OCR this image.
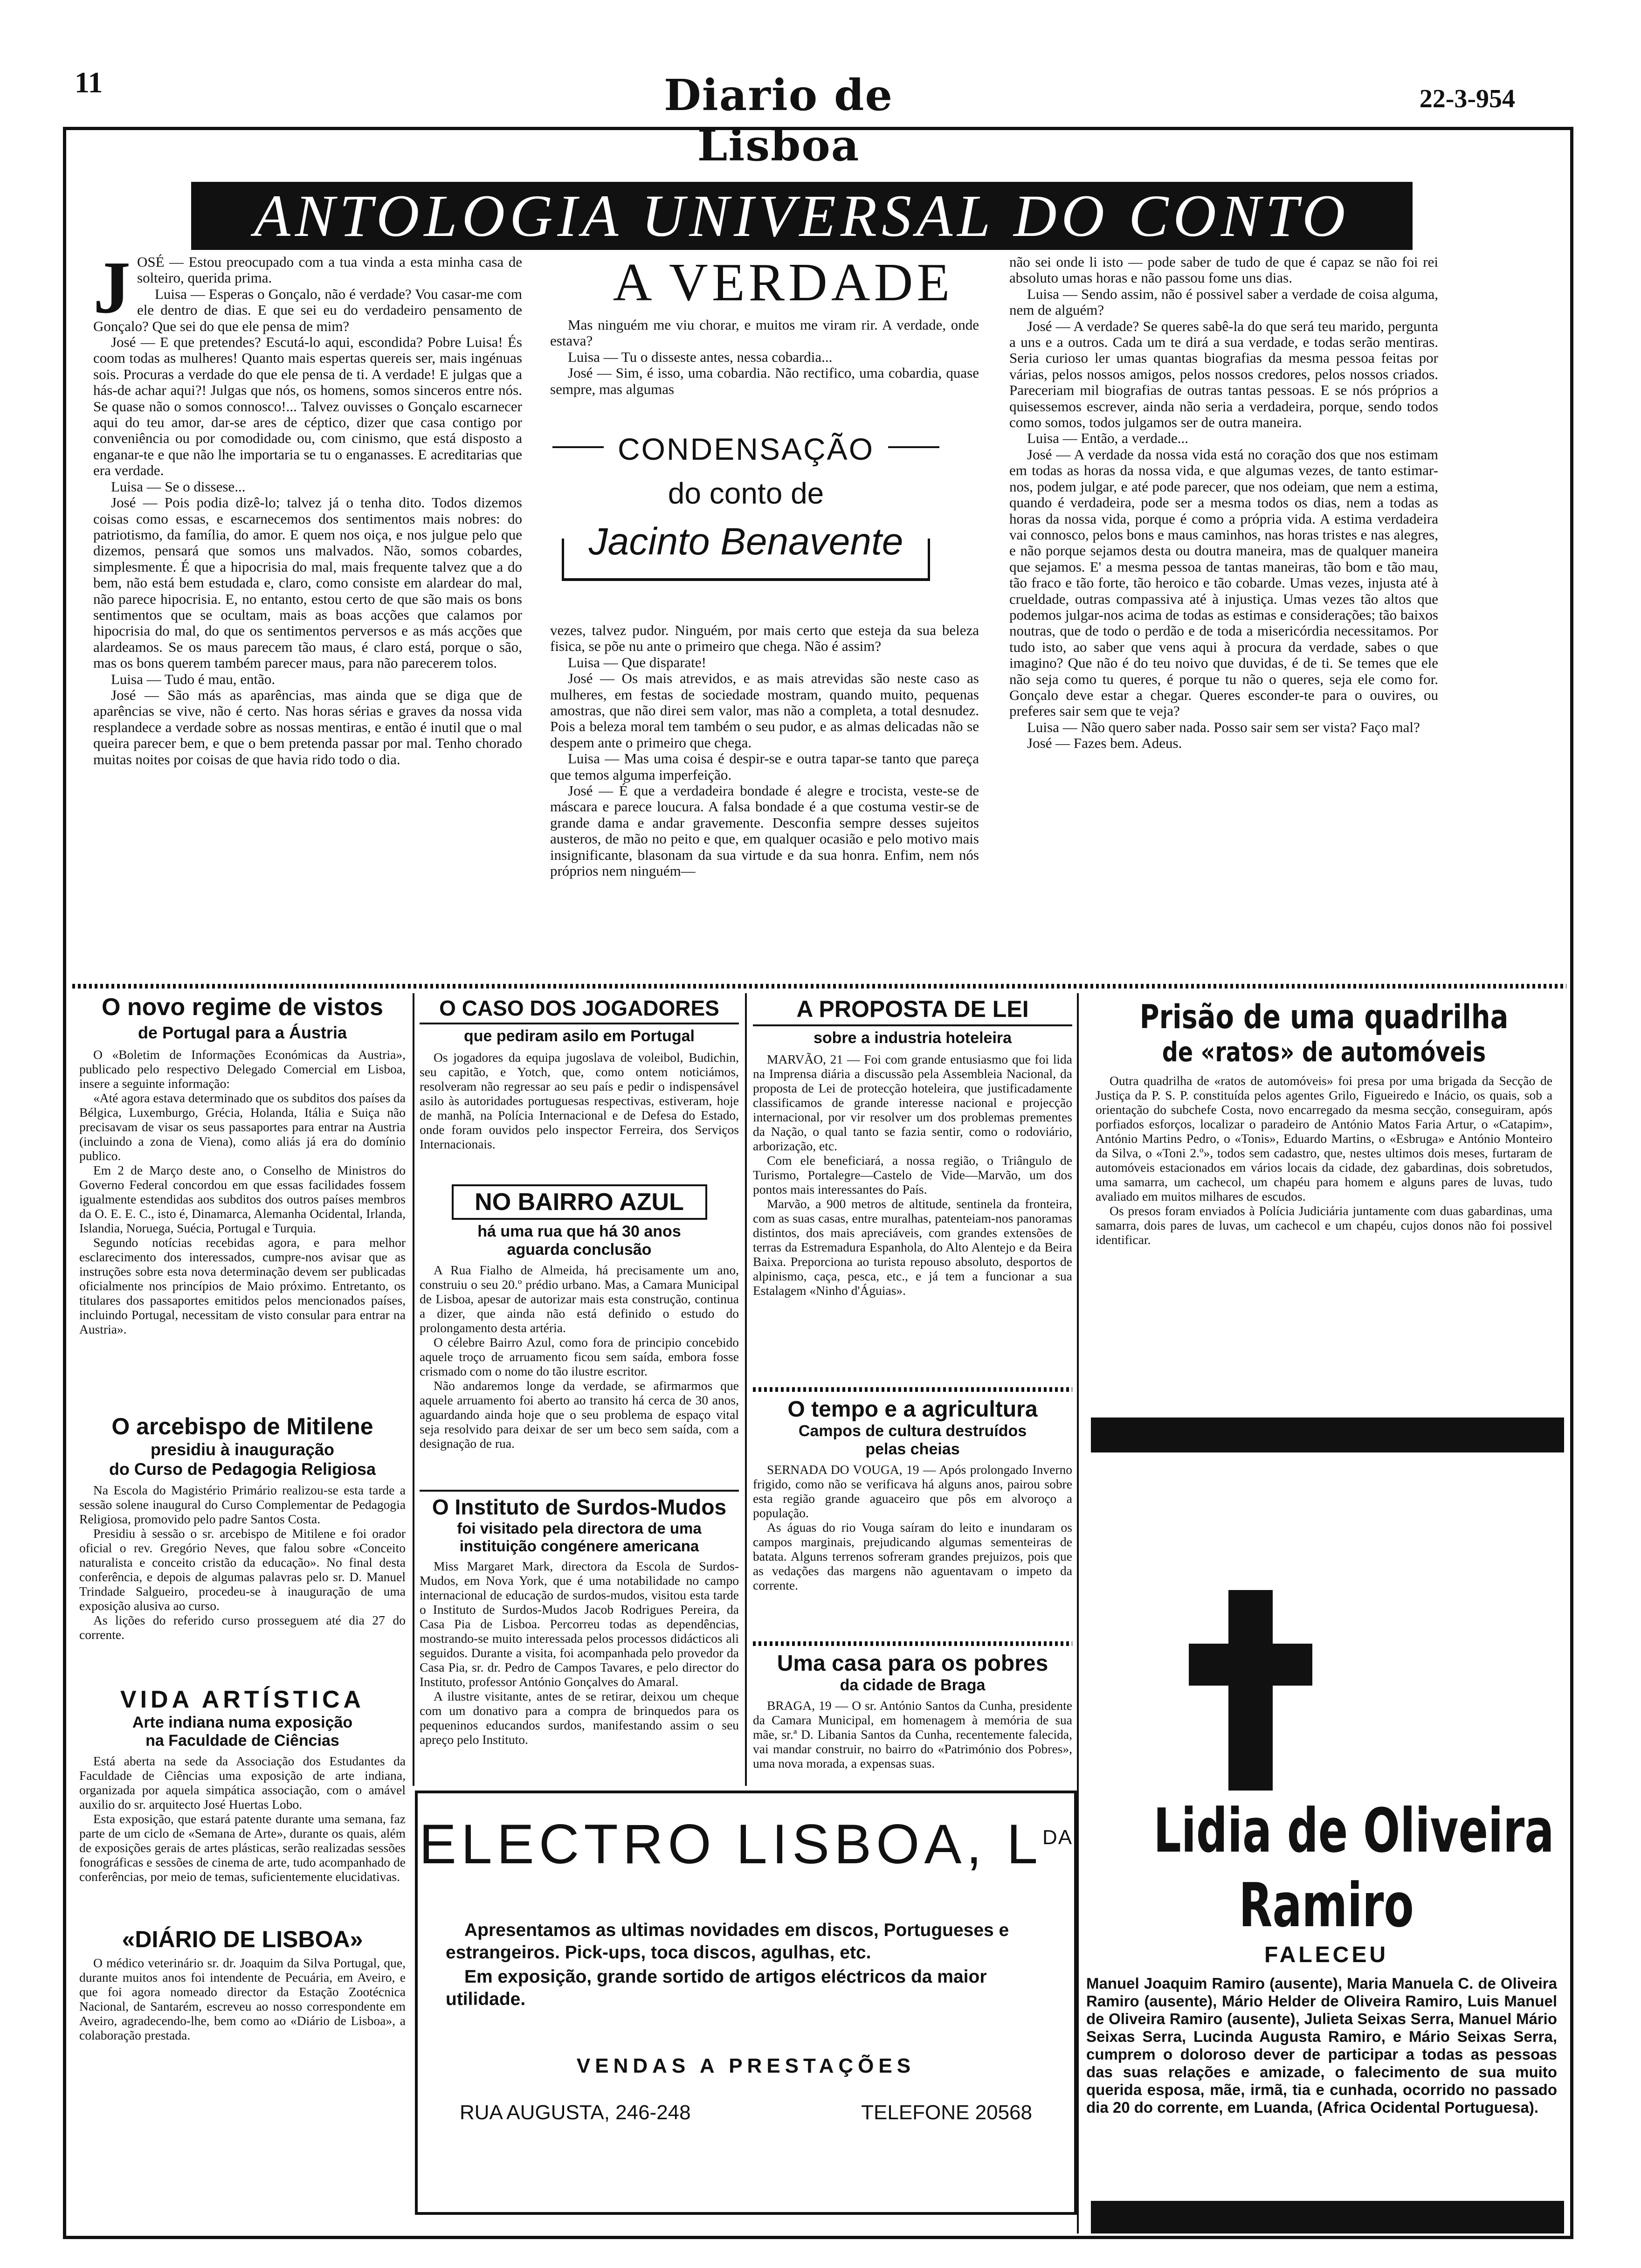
11	Diario de Lisboa
22-3-954
ANTOLOGIA UNIVERSAL DO CONTO
J OSÉ — Estou preocupado com a tua vinda a esta minha casa de solteiro, querida prima.

Luisa — Esperas o Gonçalo, não é verdade? Vou casar-me com ele dentro de dias. E que sei eu do verdadeiro pensamento de Gonçalo? Que sei do que ele pensa de mim?

José — E que pretendes? Escutá-lo aqui, escondida? Pobre Luisa! És coom todas as mulheres! Quanto mais espertas quereis ser, mais ingénuas sois. Procuras a verdade do que ele pensa de ti. A verdade! E julgas que a hás-de achar aqui?! Julgas que nós, os homens, somos sinceros entre nós. Se quase não o somos connosco!... Talvez ouvisses o Gonçalo escarnecer aqui do teu amor, dar-se ares de céptico, dizer que casa contigo por conveniência ou por comodidade ou, com cinismo, que está disposto a enganar-te e que não lhe importaria se tu o enganasses. E acreditarias que era verdade.

Luisa — Se o dissese...

José — Pois podia dizê-lo; talvez já o tenha dito. Todos dizemos coisas como essas, e escarnecemos dos sentimentos mais nobres: do patriotismo, da família, do amor. E quem nos oiça, e nos julgue pelo que dizemos, pensará que somos uns malvados. Não, somos cobardes, simplesmente. É que a hipocrisia do mal, mais frequente talvez que a do bem, não está bem estudada e, claro, como consiste em alardear do mal, não parece hipocrisia. E, no entanto, estou certo de que são mais os bons sentimentos que se ocultam, mais as boas acções que calamos por hipocrisia do mal, do que os sentimentos perversos e as más acções que alardeamos. Se os maus parecem tão maus, é claro está, porque o são, mas os bons querem também parecer maus, para não parecerem tolos.

Luisa — Tudo é mau, então.

José — São más as aparências, mas ainda que se diga que de aparências se vive, não é certo. Nas horas sérias e graves da nossa vida resplandece a verdade sobre as nossas mentiras, e então é inutil que o mal queira parecer bem, e que o bem pretenda passar por mal. Tenho chorado muitas noites por coisas de que havia rido todo o dia.

A VERDADE

Mas ninguém me viu chorar, e muitos me viram rir. A verdade, onde estava?

Luisa — Tu o disseste antes, nessa cobardia...

José — Sim, é isso, uma cobardia. Não rectifico, uma cobardia, quase sempre, mas algumas

CONDENSAÇÃO
do conto de
Jacinto Benavente

vezes, talvez pudor. Ninguém, por mais certo que esteja da sua beleza fisica, se põe nu ante o primeiro que chega. Não é assim?

Luisa — Que disparate!

José — Os mais atrevidos, e as mais atrevidas são neste caso as mulheres, em festas de sociedade mostram, quando muito, pequenas amostras, que não direi sem valor, mas não a completa, a total desnudez. Pois a beleza moral tem também o seu pudor, e as almas delicadas não se despem ante o primeiro que chega.

Luisa — Mas uma coisa é despir-se e outra tapar-se tanto que pareça que temos alguma imperfeição.

José — É que a verdadeira bondade é alegre e trocista, veste-se de máscara e parece loucura. A falsa bondade é a que costuma vestir-se de grande dama e andar gravemente. Desconfia sempre desses sujeitos austeros, de mão no peito e que, em qualquer ocasião e pelo motivo mais insignificante, blasonam da sua virtude e da sua honra. Enfim, nem nós próprios nem ninguém—

não sei onde li isto — pode saber de tudo de que é capaz se não foi rei absoluto umas horas e não passou fome uns dias.

Luisa — Sendo assim, não é possivel saber a verdade de coisa alguma, nem de alguém?

José — A verdade? Se queres sabê-la do que será teu marido, pergunta a uns e a outros. Cada um te dirá a sua verdade, e todas serão mentiras. Seria curioso ler umas quantas biografias da mesma pessoa feitas por várias, pelos nossos amigos, pelos nossos credores, pelos nossos criados. Pareceriam mil biografias de outras tantas pessoas. E se nós próprios a quisessemos escrever, ainda não seria a verdadeira, porque, sendo todos como somos, todos julgamos ser de outra maneira.

Luisa — Então, a verdade...

José — A verdade da nossa vida está no coração dos que nos estimam em todas as horas da nossa vida, e que algumas vezes, de tanto estimar-nos, podem julgar, e até pode parecer, que nos odeiam, que nem a estima, quando é verdadeira, pode ser a mesma todos os dias, nem a todas as horas da nossa vida, porque é como a própria vida. A estima verdadeira vai connosco, pelos bons e maus caminhos, nas horas tristes e nas alegres, e não porque sejamos desta ou doutra maneira, mas de qualquer maneira que sejamos. E' a mesma pessoa de tantas maneiras, tão bom e tão mau, tão fraco e tão forte, tão heroico e tão cobarde. Umas vezes, injusta até à crueldade, outras compassiva até à injustiça. Umas vezes tão altos que podemos julgar-nos acima de todas as estimas e considerações; tão baixos noutras, que de todo o perdão e de toda a misericórdia necessitamos. Por tudo isto, ao saber que vens aqui à procura da verdade, sabes o que imagino? Que não é do teu noivo que duvidas, é de ti. Se temes que ele não seja como tu queres, é porque tu não o queres, seja ele como for. Gonçalo deve estar a chegar. Queres esconder-te para o ouvires, ou preferes sair sem que te veja?

Luisa — Não quero saber nada. Posso sair sem ser vista? Faço mal?

José — Fazes bem. Adeus.

O novo regime de vistos
de Portugal para a Áustria

O «Boletim de Informações Económicas da Austria», publicado pelo respectivo Delegado Comercial em Lisboa, insere a seguinte informação:

«Até agora estava determinado que os subditos dos países da Bélgica, Luxemburgo, Grécia, Holanda, Itália e Suiça não precisavam de visar os seus passaportes para entrar na Austria (incluindo a zona de Viena), como aliás já era do domínio publico.

Em 2 de Março deste ano, o Conselho de Ministros do Governo Federal concordou em que essas facilidades fossem igualmente estendidas aos subditos dos outros países membros da O. E. E. C., isto é, Dinamarca, Alemanha Ocidental, Irlanda, Islandia, Noruega, Suécia, Portugal e Turquia.

Segundo notícias recebidas agora, e para melhor esclarecimento dos interessados, cumpre-nos avisar que as instruções sobre esta nova determinação devem ser publicadas oficialmente nos princípios de Maio próximo. Entretanto, os titulares dos passaportes emitidos pelos mencionados países, incluindo Portugal, necessitam de visto consular para entrar na Austria».

O arcebispo de Mitilene
presidiu à inauguração
do Curso de Pedagogia Religiosa

Na Escola do Magistério Primário realizou-se esta tarde a sessão solene inaugural do Curso Complementar de Pedagogia Religiosa, promovido pelo padre Santos Costa.

Presidiu à sessão o sr. arcebispo de Mitilene e foi orador oficial o rev. Gregório Neves, que falou sobre «Conceito naturalista e conceito cristão da educação». No final desta conferência, e depois de algumas palavras pelo sr. D. Manuel Trindade Salgueiro, procedeu-se à inauguração de uma exposição alusiva ao curso.

As lições do referido curso prosseguem até dia 27 do corrente.

VIDA ARTÍSTICA
Arte indiana numa exposição
na Faculdade de Ciências

Está aberta na sede da Associação dos Estudantes da Faculdade de Ciências uma exposição de arte indiana, organizada por aquela simpática associação, com o amável auxilio do sr. arquitecto José Huertas Lobo.

Esta exposição, que estará patente durante uma semana, faz parte de um ciclo de «Semana de Arte», durante os quais, além de exposições gerais de artes plásticas, serão realizadas sessões fonográficas e sessões de cinema de arte, tudo acompanhado de conferências, por meio de temas, suficientemente elucidativas.

«DIÁRIO DE LISBOA»

O médico veterinário sr. dr. Joaquim da Silva Portugal, que, durante muitos anos foi intendente de Pecuária, em Aveiro, e que foi agora nomeado director da Estação Zootécnica Nacional, de Santarém, escreveu ao nosso correspondente em Aveiro, agradecendo-lhe, bem como ao «Diário de Lisboa», a colaboração prestada.

O CASO DOS JOGADORES
que pediram asilo em Portugal

Os jogadores da equipa jugoslava de voleibol, Budichin, seu capitão, e Yotch, que, como ontem noticiámos, resolveram não regressar ao seu país e pedir o indispensável asilo às autoridades portuguesas respectivas, estiveram, hoje de manhã, na Polícia Internacional e de Defesa do Estado, onde foram ouvidos pelo inspector Ferreira, dos Serviços Internacionais.

NO BAIRRO AZUL
há uma rua que há 30 anos
aguarda conclusão

A Rua Fialho de Almeida, há precisamente um ano, construiu o seu 20.º prédio urbano. Mas, a Camara Municipal de Lisboa, apesar de autorizar mais esta construção, continua a dizer, que ainda não está definido o estudo do prolongamento desta artéria.

O célebre Bairro Azul, como fora de principio concebido aquele troço de arruamento ficou sem saída, embora fosse crismado com o nome do tão ilustre escritor.

Não andaremos longe da verdade, se afirmarmos que aquele arruamento foi aberto ao transito há cerca de 30 anos, aguardando ainda hoje que o seu problema de espaço vital seja resolvido para deixar de ser um beco sem saída, com a designação de rua.

O Instituto de Surdos-Mudos
foi visitado pela directora de uma
instituição congénere americana

Miss Margaret Mark, directora da Escola de Surdos-Mudos, em Nova York, que é uma notabilidade no campo internacional de educação de surdos-mudos, visitou esta tarde o Instituto de Surdos-Mudos Jacob Rodrigues Pereira, da Casa Pia de Lisboa. Percorreu todas as dependências, mostrando-se muito interessada pelos processos didácticos ali seguidos. Durante a visita, foi acompanhada pelo provedor da Casa Pia, sr. dr. Pedro de Campos Tavares, e pelo director do Instituto, professor António Gonçalves do Amaral.

A ilustre visitante, antes de se retirar, deixou um cheque com um donativo para a compra de brinquedos para os pequeninos educandos surdos, manifestando assim o seu apreço pelo Instituto.

A PROPOSTA DE LEI
sobre a industria hoteleira

MARVÃO, 21 — Foi com grande entusiasmo que foi lida na Imprensa diária a discussão pela Assembleia Nacional, da proposta de Lei de protecção hoteleira, que justificadamente classificamos de grande interesse nacional e projecção internacional, por vir resolver um dos problemas prementes da Nação, o qual tanto se fazia sentir, como o rodoviário, arborização, etc.

Com ele beneficiará, a nossa região, o Triângulo de Turismo, Portalegre—Castelo de Vide—Marvão, um dos pontos mais interessantes do País.

Marvão, a 900 metros de altitude, sentinela da fronteira, com as suas casas, entre muralhas, patenteiam-nos panoramas distintos, dos mais apreciáveis, com grandes extensões de terras da Estremadura Espanhola, do Alto Alentejo e da Beira Baixa. Preporciona ao turista repouso absoluto, desportos de alpinismo, caça, pesca, etc., e já tem a funcionar a sua Estalagem «Ninho d'Águias».

O tempo e a agricultura
Campos de cultura destruídos
pelas cheias

SERNADA DO VOUGA, 19 — Após prolongado Inverno frigido, como não se verificava há alguns anos, pairou sobre esta região grande aguaceiro que pôs em alvoroço a população.

As águas do rio Vouga saíram do leito e inundaram os campos marginais, prejudicando algumas sementeiras de batata. Alguns terrenos sofreram grandes prejuizos, pois que as vedações das margens não aguentavam o impeto da corrente.

Uma casa para os pobres
da cidade de Braga

BRAGA, 19 — O sr. António Santos da Cunha, presidente da Camara Municipal, em homenagem à memória de sua mãe, sr.ª D. Libania Santos da Cunha, recentemente falecida, vai mandar construir, no bairro do «Património dos Pobres», uma nova morada, a expensas suas.

Prisão de uma quadrilha
de «ratos» de automóveis

Outra quadrilha de «ratos de automóveis» foi presa por uma brigada da Secção de Justiça da P. S. P. constituída pelos agentes Grilo, Figueiredo e Inácio, os quais, sob a orientação do subchefe Costa, novo encarregado da mesma secção, conseguiram, após porfiados esforços, localizar o paradeiro de António Matos Faria Artur, o «Catapim», António Martins Pedro, o «Tonis», Eduardo Martins, o «Esbruga» e António Monteiro da Silva, o «Toni 2.º», todos sem cadastro, que, nestes ultimos dois meses, furtaram de automóveis estacionados em vários locais da cidade, dez gabardinas, dois sobretudos, uma samarra, um cachecol, um chapéu para homem e alguns pares de luvas, tudo avaliado em muitos milhares de escudos.

Os presos foram enviados à Polícia Judiciária juntamente com duas gabardinas, uma samarra, dois pares de luvas, um cachecol e um chapéu, cujos donos não foi possivel identificar.

Lidia de Oliveira
Ramiro
FALECEU
Manuel Joaquim Ramiro (ausente), Maria Manuela C. de Oliveira Ramiro (ausente), Mário Helder de Oliveira Ramiro, Luis Manuel de Oliveira Ramiro (ausente), Julieta Seixas Serra, Manuel Mário Seixas Serra, Lucinda Augusta Ramiro, e Mário Seixas Serra, cumprem o doloroso dever de participar a todas as pessoas das suas relações e amizade, o falecimento de sua muito querida esposa, mãe, irmã, tia e cunhada, ocorrido no passado dia 20 do corrente, em Luanda, (Africa Ocidental Portuguesa).
ELECTRO LISBOA, $L^{DA}$
Apresentamos as ultimas novidades em discos, Portugueses e estrangeiros. Pick-ups, toca discos, agulhas, etc.
Em exposição, grande sortido de artigos eléctricos da maior utilidade.
VENDAS A PRESTAÇÕES
RUA AUGUSTA, 246-248	TELEFONE 20568
